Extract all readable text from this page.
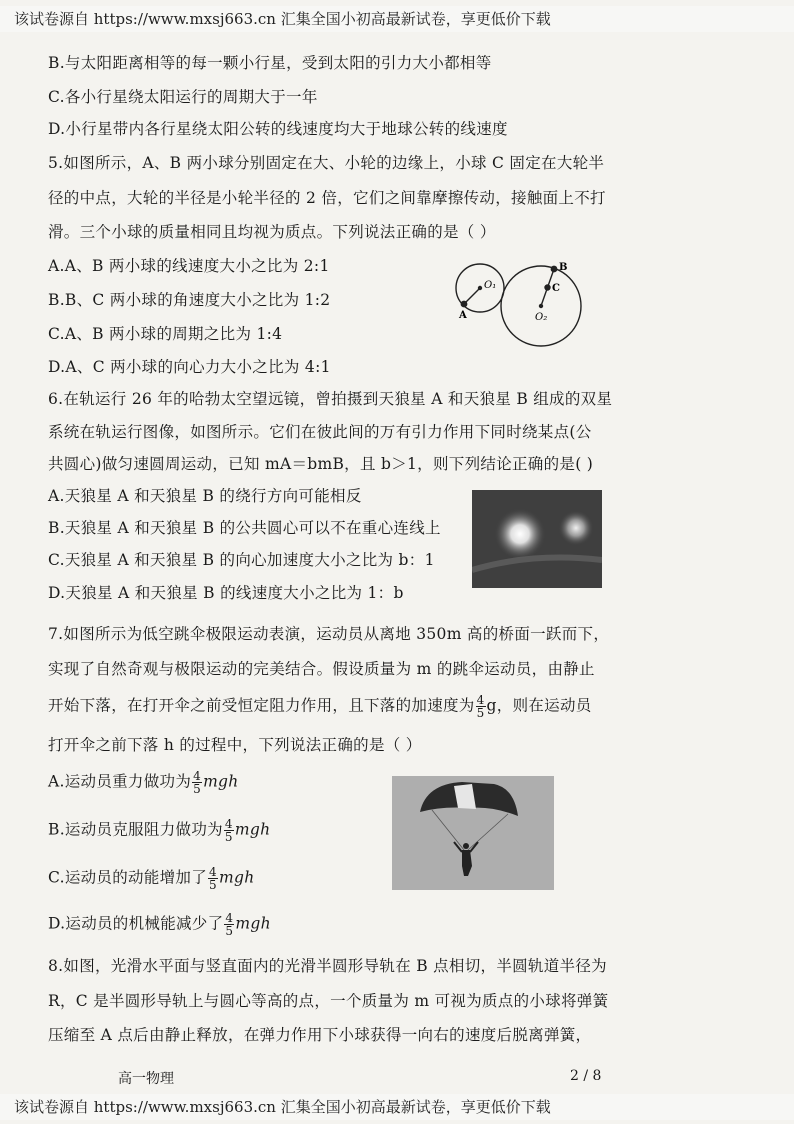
该试卷源自 https://www.mxsj663.cn 汇集全国小初高最新试卷，享更低价下载
B.与太阳距离相等的每一颗小行星，受到太阳的引力大小都相等
C.各小行星绕太阳运行的周期大于一年
D.小行星带内各行星绕太阳公转的线速度均大于地球公转的线速度
5.如图所示，A、B 两小球分别固定在大、小轮的边缘上，小球 C 固定在大轮半
径的中点，大轮的半径是小轮半径的 2 倍，它们之间靠摩擦传动，接触面上不打
滑。三个小球的质量相同且均视为质点。下列说法正确的是（ ）
A.A、B 两小球的线速度大小之比为 2:1
B.B、C 两小球的角速度大小之比为 1:2
C.A、B 两小球的周期之比为 1:4
D.A、C 两小球的向心力大小之比为 4:1
O₁
A
B
C
O₂
6.在轨运行 26 年的哈勃太空望远镜，曾拍摄到天狼星 A 和天狼星 B 组成的双星
系统在轨运行图像，如图所示。它们在彼此间的万有引力作用下同时绕某点(公
共圆心)做匀速圆周运动，已知 mA＝bmB，且 b＞1，则下列结论正确的是( )
A.天狼星 A 和天狼星 B 的绕行方向可能相反
B.天狼星 A 和天狼星 B 的公共圆心可以不在重心连线上
C.天狼星 A 和天狼星 B 的向心加速度大小之比为 b：1
D.天狼星 A 和天狼星 B 的线速度大小之比为 1：b
7.如图所示为低空跳伞极限运动表演，运动员从离地 350m 高的桥面一跃而下，
实现了自然奇观与极限运动的完美结合。假设质量为 m 的跳伞运动员，由静止
开始下落，在打开伞之前受恒定阻力作用，且下落的加速度为 $\frac{4}{5}$ g，则在运动员
打开伞之前下落 h 的过程中，下列说法正确的是（ ）
A.运动员重力做功为 $\frac{4}{5}$ mgh
B.运动员克服阻力做功为 $\frac{4}{5}$ mgh
C.运动员的动能增加了 $\frac{4}{5}$ mgh
D.运动员的机械能减少了 $\frac{4}{5}$ mgh
8.如图，光滑水平面与竖直面内的光滑半圆形导轨在 B 点相切，半圆轨道半径为
R，C 是半圆形导轨上与圆心等高的点，一个质量为 m 可视为质点的小球将弹簧
压缩至 A 点后由静止释放，在弹力作用下小球获得一向右的速度后脱离弹簧，
高一物理	2 / 8
该试卷源自 https://www.mxsj663.cn 汇集全国小初高最新试卷，享更低价下载
